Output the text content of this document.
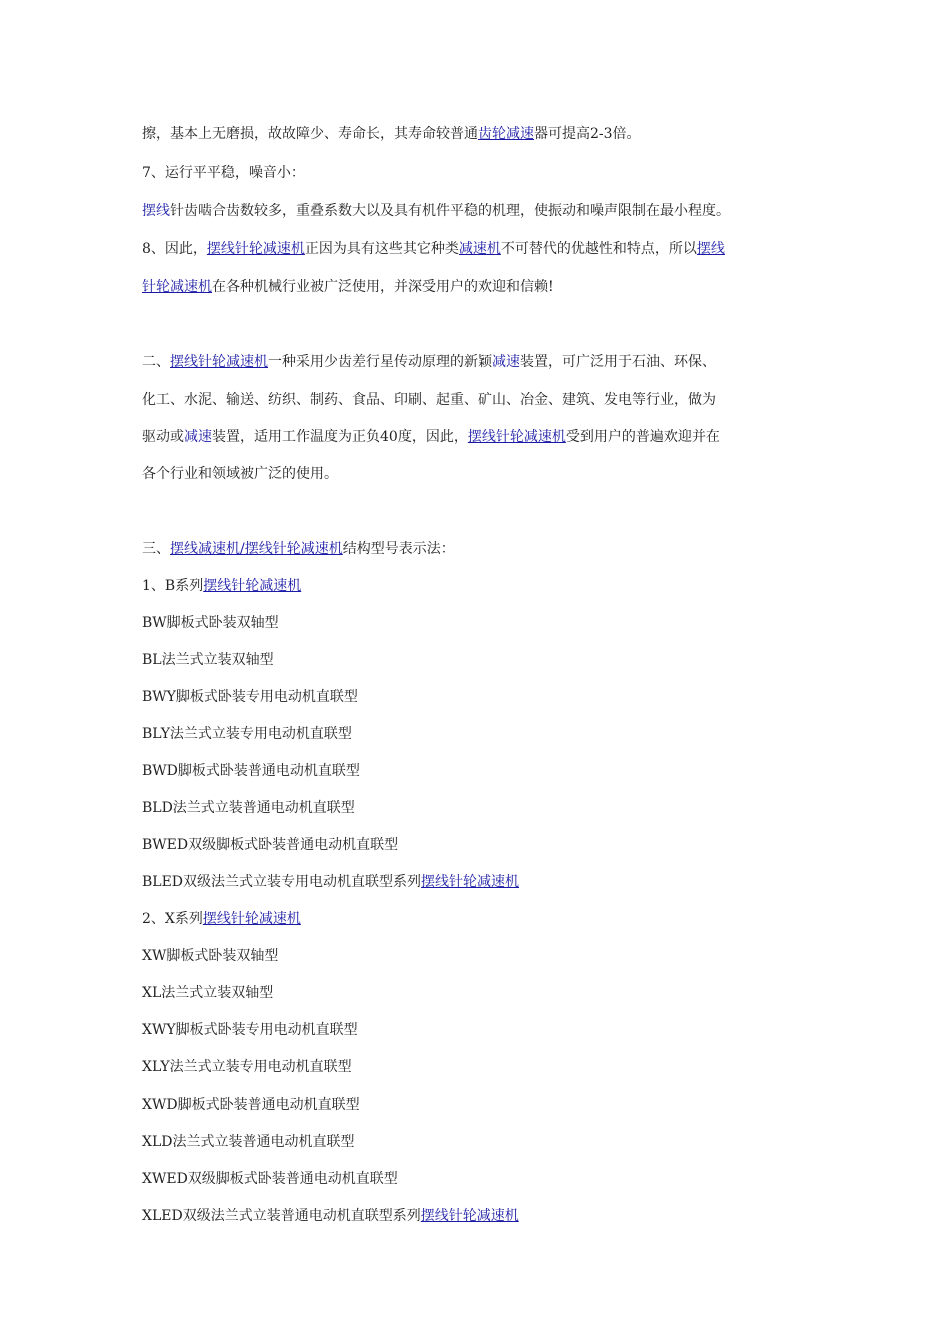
擦，基本上无磨损，故故障少、寿命长，其寿命较普通齿轮减速器可提高2-3倍。
7、运行平平稳，噪音小：
摆线针齿啮合齿数较多，重叠系数大以及具有机件平稳的机理，使振动和噪声限制在最小程度。
8、因此，摆线针轮减速机正因为具有这些其它种类减速机不可替代的优越性和特点，所以摆线
针轮减速机在各种机械行业被广泛使用，并深受用户的欢迎和信赖!
二、摆线针轮减速机一种采用少齿差行星传动原理的新颖减速装置，可广泛用于石油、环保、
化工、水泥、输送、纺织、制药、食品、印刷、起重、矿山、冶金、建筑、发电等行业，做为
驱动或减速装置，适用工作温度为正负40度，因此，摆线针轮减速机受到用户的普遍欢迎并在
各个行业和领域被广泛的使用。
三、摆线减速机/摆线针轮减速机结构型号表示法：
1、B系列摆线针轮减速机
BW脚板式卧装双轴型
BL法兰式立装双轴型
BWY脚板式卧装专用电动机直联型
BLY法兰式立装专用电动机直联型
BWD脚板式卧装普通电动机直联型
BLD法兰式立装普通电动机直联型
BWED双级脚板式卧装普通电动机直联型
BLED双级法兰式立装专用电动机直联型系列摆线针轮减速机
2、X系列摆线针轮减速机
XW脚板式卧装双轴型
XL法兰式立装双轴型
XWY脚板式卧装专用电动机直联型
XLY法兰式立装专用电动机直联型
XWD脚板式卧装普通电动机直联型
XLD法兰式立装普通电动机直联型
XWED双级脚板式卧装普通电动机直联型
XLED双级法兰式立装普通电动机直联型系列摆线针轮减速机
